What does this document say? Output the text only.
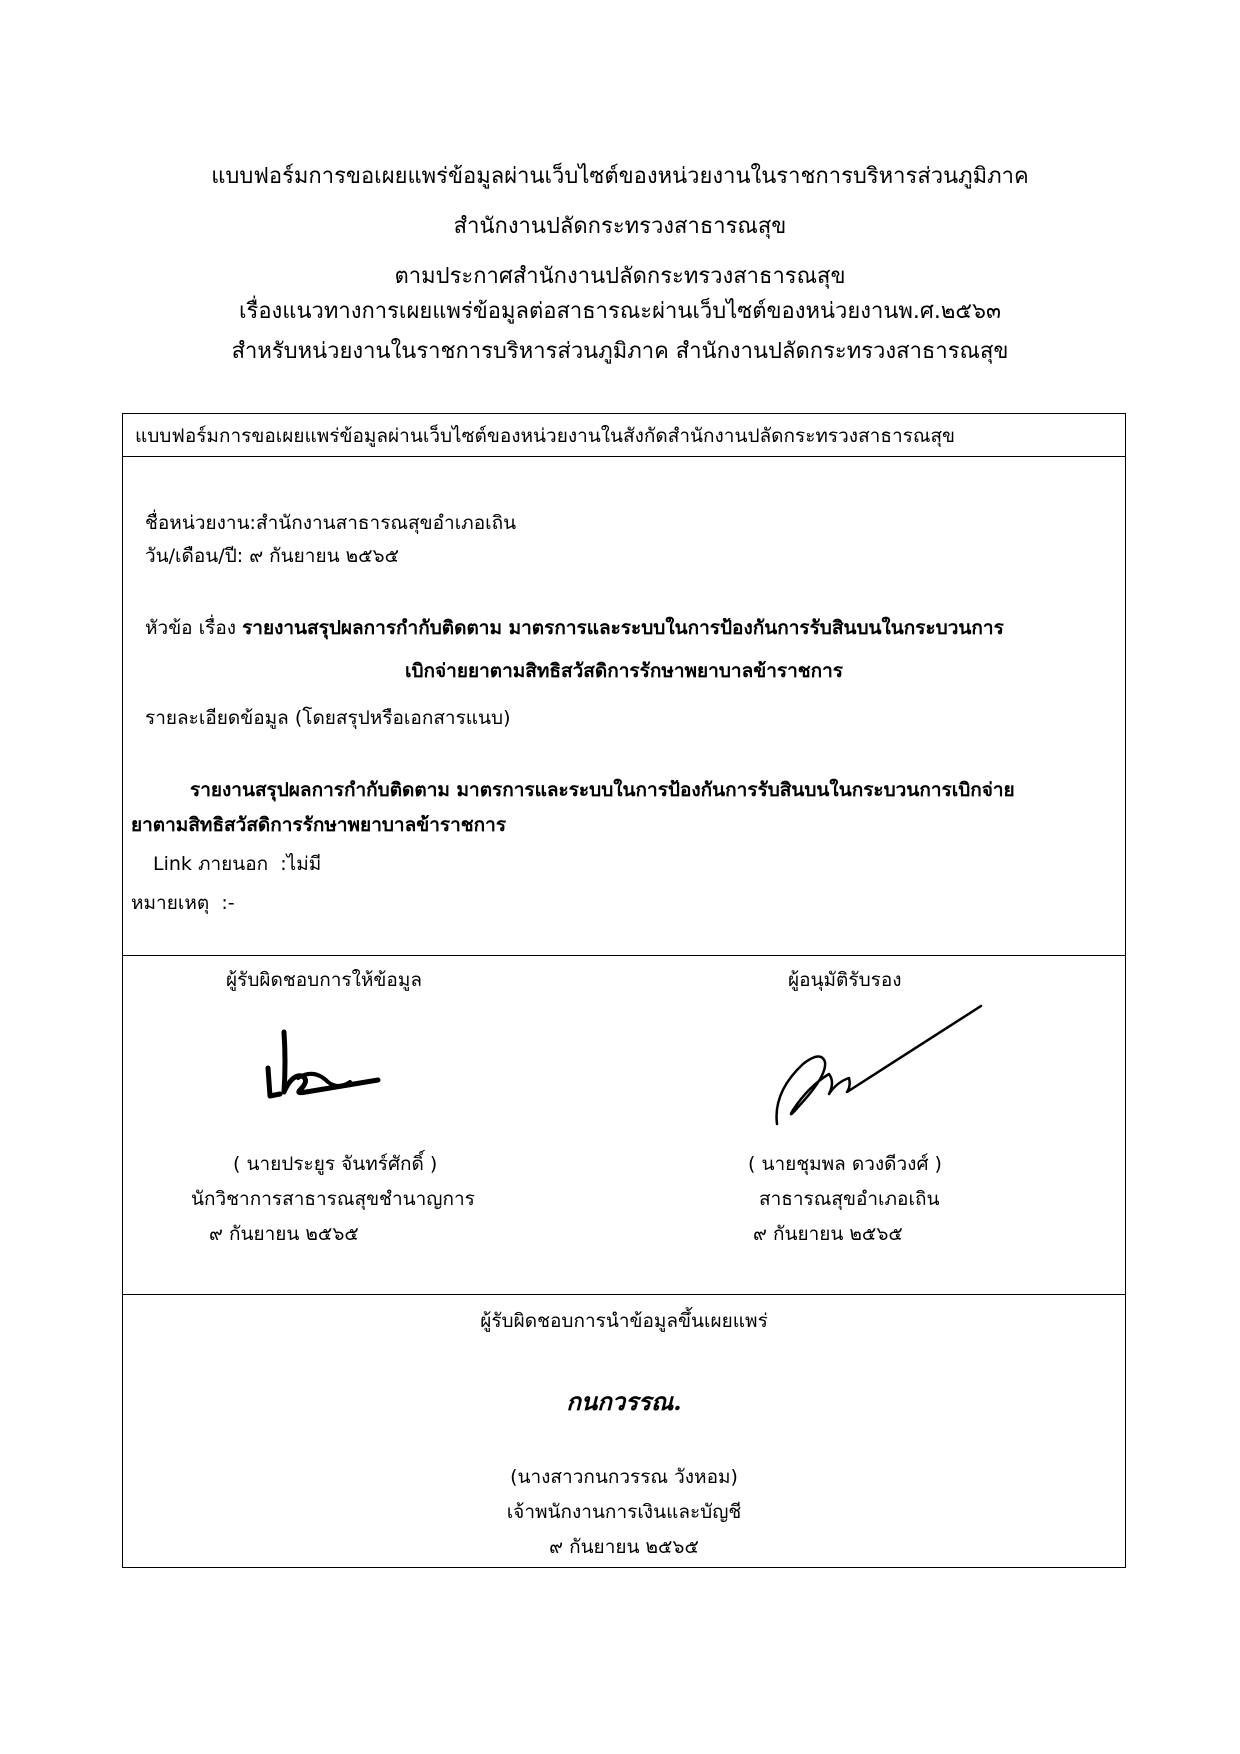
แบบฟอร์มการขอเผยแพร่ข้อมูลผ่านเว็บไซต์ของหน่วยงานในราชการบริหารส่วนภูมิภาค
สำนักงานปลัดกระทรวงสาธารณสุข
ตามประกาศสำนักงานปลัดกระทรวงสาธารณสุข
เรื่องแนวทางการเผยแพร่ข้อมูลต่อสาธารณะผ่านเว็บไซต์ของหน่วยงานพ.ศ.๒๕๖๓
สำหรับหน่วยงานในราชการบริหารส่วนภูมิภาค สำนักงานปลัดกระทรวงสาธารณสุข
แบบฟอร์มการขอเผยแพร่ข้อมูลผ่านเว็บไซต์ของหน่วยงานในสังกัดสำนักงานปลัดกระทรวงสาธารณสุข
ชื่อหน่วยงาน:สำนักงานสาธารณสุขอำเภอเถิน
วัน/เดือน/ปี: ๙ กันยายน ๒๕๖๕
หัวข้อ เรื่อง รายงานสรุปผลการกำกับติดตาม มาตรการและระบบในการป้องกันการรับสินบนในกระบวนการ
เบิกจ่ายยาตามสิทธิสวัสดิการรักษาพยาบาลข้าราชการ
รายละเอียดข้อมูล (โดยสรุปหรือเอกสารแนบ)
รายงานสรุปผลการกำกับติดตาม มาตรการและระบบในการป้องกันการรับสินบนในกระบวนการเบิกจ่าย
ยาตามสิทธิสวัสดิการรักษาพยาบาลข้าราชการ
Link ภายนอก :ไม่มี
หมายเหตุ :-
ผู้รับผิดชอบการให้ข้อมูล
( นายประยูร จันทร์ศักดิ์ )
นักวิชาการสาธารณสุขชำนาญการ
๙ กันยายน ๒๕๖๕
ผู้อนุมัติรับรอง
( นายชุมพล ดวงดีวงศ์ )
สาธารณสุขอำเภอเถิน
๙ กันยายน ๒๕๖๕
ผู้รับผิดชอบการนำข้อมูลขึ้นเผยแพร่
กนกวรรณ.
(นางสาวกนกวรรณ วังหอม)
เจ้าพนักงานการเงินและบัญชี
๙ กันยายน ๒๕๖๕
